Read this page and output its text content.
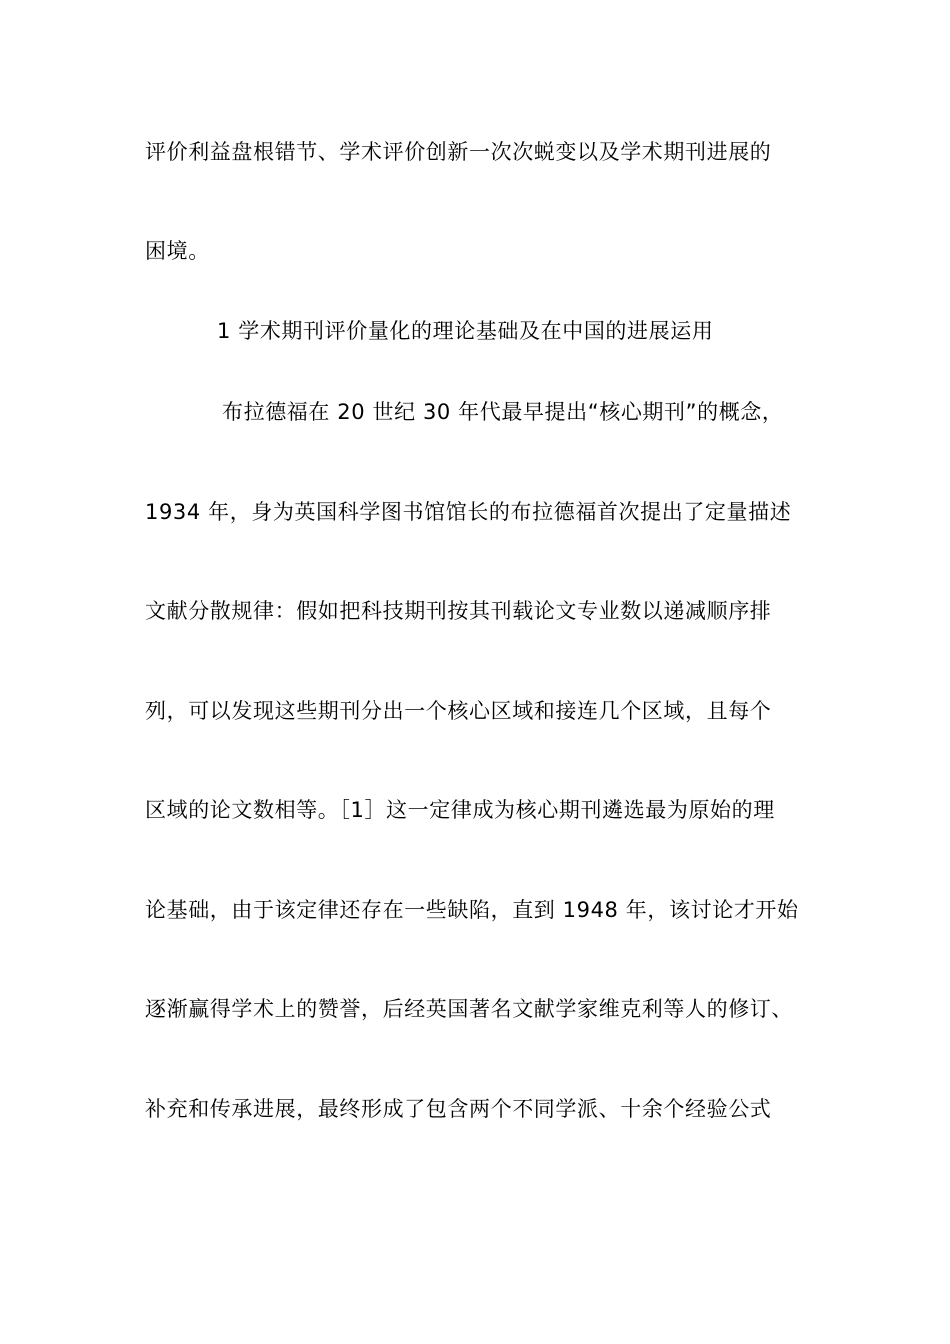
评价利益盘根错节、学术评价创新一次次蜕变以及学术期刊进展的
困境。
1 学术期刊评价量化的理论基础及在中国的进展运用
布拉德福在 20 世纪 30 年代最早提出“核心期刊”的概念，
1934 年，身为英国科学图书馆馆长的布拉德福首次提出了定量描述
文献分散规律：假如把科技期刊按其刊载论文专业数以递减顺序排
列，可以发现这些期刊分出一个核心区域和接连几个区域，且每个
区域的论文数相等。［1］这一定律成为核心期刊遴选最为原始的理
论基础，由于该定律还存在一些缺陷，直到 1948 年，该讨论才开始
逐渐赢得学术上的赞誉，后经英国著名文献学家维克利等人的修订、
补充和传承进展，最终形成了包含两个不同学派、十余个经验公式
